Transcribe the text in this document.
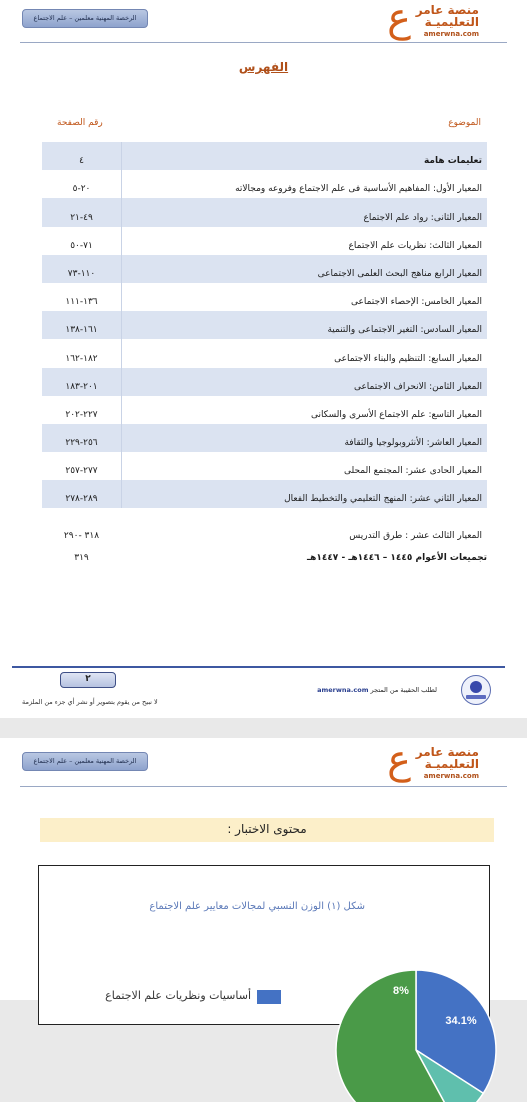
الرخصة المهنية معلمين – علم الاجتماع	ع منصة عامر
التعليميـة
amerwna.com
الفهرس
الموضوع
رقم الصفحة
تعليمات هامة
٤
المعيار الأول: المفاهيم الأساسية فى علم الاجتماع وفروعه ومجالاته
٢٠-٥
المعيار الثانى: رواد علم الاجتماع
٤٩-٢١
المعيار الثالث: نظريات علم الاجتماع
٧١-٥٠
المعيار الرابع مناهج البحث العلمى الاجتماعى
١١٠-٧٣
المعيار الخامس: الإحصاء الاجتماعى
١٣٦-١١١
المعيار السادس: التغير الاجتماعى والتنمية
١٦١-١٣٨
المعيار السابع: التنظيم والبناء الاجتماعى
١٨٢-١٦٢
المعيار الثامن: الانحراف الاجتماعى
٢٠١-١٨٣
المعيار التاسع: علم الاجتماع الأسرى والسكانى
٢٢٧-٢٠٢
المعيار العاشر: الأنثروبولوجيا والثقافة
٢٥٦-٢٢٩
المعيار الحادى عشر: المجتمع المحلى
٢٧٧-٢٥٧
المعيار الثاني عشر: المنهج التعليمي والتخطيط الفعال
٢٨٩-٢٧٨
المعيار الثالث عشر : طرق التدريس
٣١٨ -٢٩٠
تجميعات الأعوام ١٤٤٥ – ١٤٤٦هـ - ١٤٤٧هـ
٣١٩
٢
لطلب الحقيبة من المتجر amerwna.com
لا نبيح من يقوم بتصوير أو نشر أي جزء من الملزمة
الرخصة المهنية معلمين – علم الاجتماع	ع منصة عامر
التعليميـة
amerwna.com
محتوى الاختبار :
شكل (١) الوزن النسبي لمجالات معايير علم الاجتماع
34.1%
8%
أساسيات ونظريات علم الاجتماع
